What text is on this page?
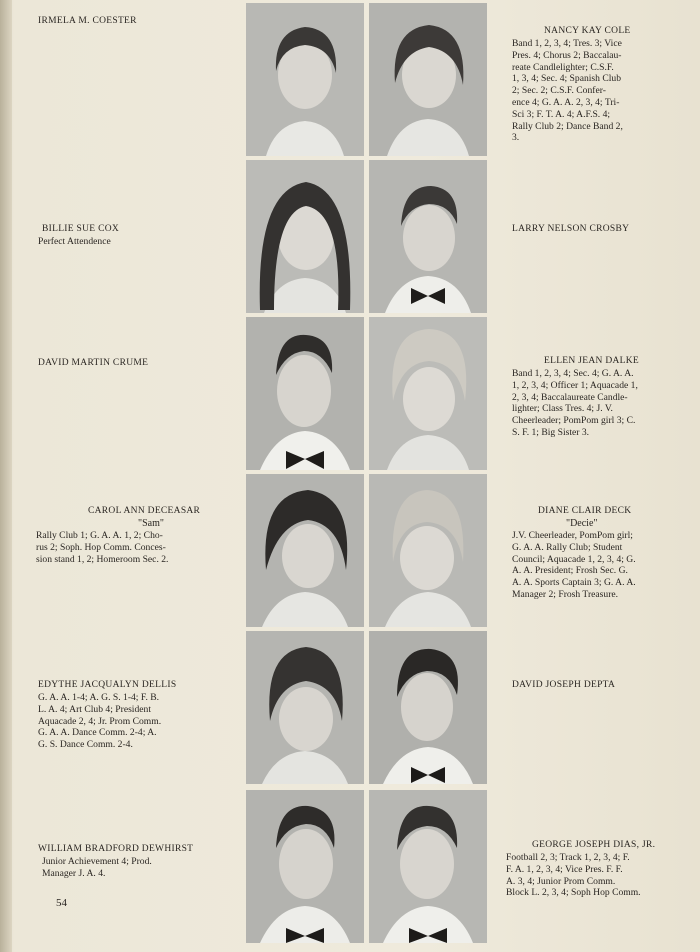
IRMELA M. COESTER
NANCY KAY COLE
Band 1, 2, 3, 4; Tres. 3; Vice
Pres. 4; Chorus 2; Baccalau-
reate Candlelighter; C.S.F.
1, 3, 4; Sec. 4; Spanish Club
2; Sec. 2; C.S.F. Confer-
ence 4; G. A. A. 2, 3, 4; Tri-
Sci 3; F. T. A. 4; A.F.S. 4;
Rally Club 2; Dance Band 2,
3.
BILLIE SUE COX
Perfect Attendence
LARRY NELSON CROSBY
DAVID MARTIN CRUME	ELLEN JEAN DALKE
Band 1, 2, 3, 4; Sec. 4; G. A. A.
1, 2, 3, 4; Officer 1; Aquacade 1,
2, 3, 4; Baccalaureate Candle-
lighter; Class Tres. 4; J. V.
Cheerleader; PomPom girl 3; C.
S. F. 1; Big Sister 3.
CAROL ANN DECEASAR
"Sam"
Rally Club 1; G. A. A. 1, 2; Cho-
rus 2; Soph. Hop Comm. Conces-
sion stand 1, 2; Homeroom Sec. 2.
DIANE CLAIR DECK
"Decie"
J.V. Cheerleader, PomPom girl;
G. A. A. Rally Club; Student
Council; Aquacade 1, 2, 3, 4; G.
A. A. President; Frosh Sec. G.
A. A. Sports Captain 3; G. A. A.
Manager 2; Frosh Treasure.
EDYTHE JACQUALYN DELLIS
G. A. A. 1-4; A. G. S. 1-4; F. B.
L. A. 4; Art Club 4; President
Aquacade 2, 4; Jr. Prom Comm.
G. A. A. Dance Comm. 2-4; A.
G. S. Dance Comm. 2-4.
DAVID JOSEPH DEPTA
WILLIAM BRADFORD DEWHIRST
Junior Achievement 4; Prod.
Manager J. A. 4.
GEORGE JOSEPH DIAS, JR.
Football 2, 3; Track 1, 2, 3, 4; F.
F. A. 1, 2, 3, 4; Vice Pres. F. F.
A. 3, 4; Junior Prom Comm.
Block L. 2, 3, 4; Soph Hop Comm.
54
